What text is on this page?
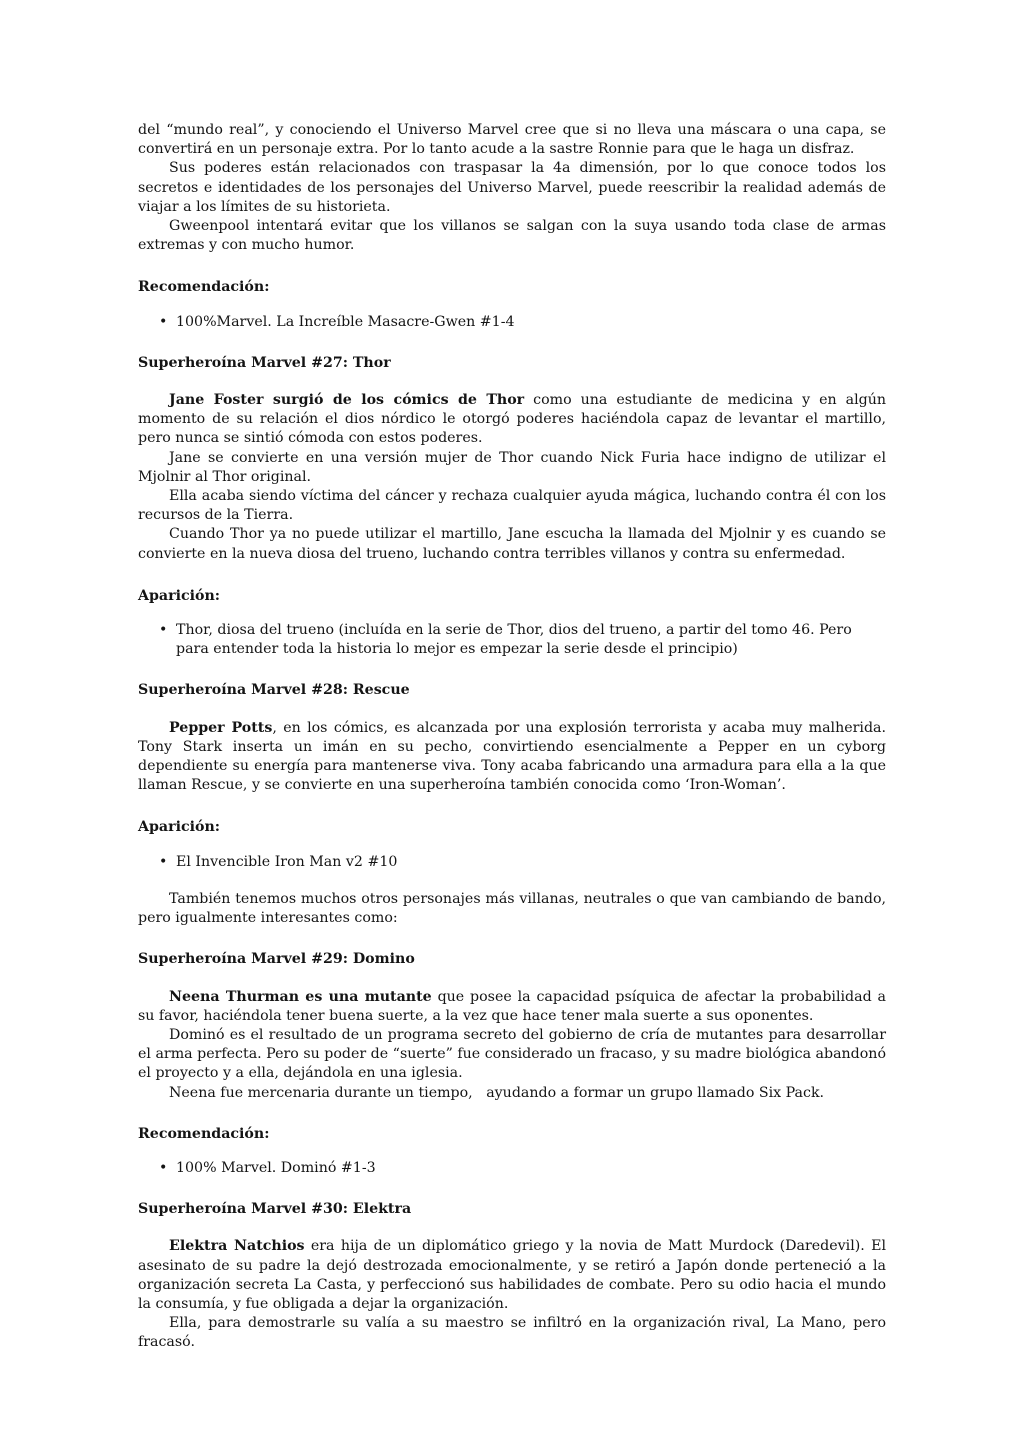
del “mundo real”, y conociendo el Universo Marvel cree que si no lleva una máscara o una capa, se convertirá en un personaje extra. Por lo tanto acude a la sastre Ronnie para que le haga un disfraz.

Sus poderes están relacionados con traspasar la 4a dimensión, por lo que conoce todos los secretos e identidades de los personajes del Universo Marvel, puede reescribir la realidad además de viajar a los límites de su historieta.

Gweenpool intentará evitar que los villanos se salgan con la suya usando toda clase de armas extremas y con mucho humor.

Recomendación:

• 100%Marvel. La Increíble Masacre-Gwen #1-4

Superheroína Marvel #27: Thor

Jane Foster surgió de los cómics de Thor como una estudiante de medicina y en algún momento de su relación el dios nórdico le otorgó poderes haciéndola capaz de levantar el martillo, pero nunca se sintió cómoda con estos poderes.

Jane se convierte en una versión mujer de Thor cuando Nick Furia hace indigno de utilizar el Mjolnir al Thor original.

Ella acaba siendo víctima del cáncer y rechaza cualquier ayuda mágica, luchando contra él con los recursos de la Tierra.

Cuando Thor ya no puede utilizar el martillo, Jane escucha la llamada del Mjolnir y es cuando se convierte en la nueva diosa del trueno, luchando contra terribles villanos y contra su enfermedad.

Aparición:

• Thor, diosa del trueno (incluída en la serie de Thor, dios del trueno, a partir del tomo 46. Pero para entender toda la historia lo mejor es empezar la serie desde el principio)

Superheroína Marvel #28: Rescue

Pepper Potts, en los cómics, es alcanzada por una explosión terrorista y acaba muy malherida. Tony Stark inserta un imán en su pecho, convirtiendo esencialmente a Pepper en un cyborg dependiente su energía para mantenerse viva. Tony acaba fabricando una armadura para ella a la que llaman Rescue, y se convierte en una superheroína también conocida como ‘Iron-Woman’.

Aparición:

• El Invencible Iron Man v2 #10

También tenemos muchos otros personajes más villanas, neutrales o que van cambiando de bando, pero igualmente interesantes como:

Superheroína Marvel #29: Domino

Neena Thurman es una mutante que posee la capacidad psíquica de afectar la probabilidad a su favor, haciéndola tener buena suerte, a la vez que hace tener mala suerte a sus oponentes.

Dominó es el resultado de un programa secreto del gobierno de cría de mutantes para desarrollar el arma perfecta. Pero su poder de “suerte” fue considerado un fracaso, y su madre biológica abandonó el proyecto y a ella, dejándola en una iglesia.

Neena fue mercenaria durante un tiempo,   ayudando a formar un grupo llamado Six Pack.

Recomendación:

• 100% Marvel. Dominó #1-3

Superheroína Marvel #30: Elektra

Elektra Natchios era hija de un diplomático griego y la novia de Matt Murdock (Daredevil). El asesinato de su padre la dejó destrozada emocionalmente, y se retiró a Japón donde perteneció a la organización secreta La Casta, y perfeccionó sus habilidades de combate. Pero su odio hacia el mundo la consumía, y fue obligada a dejar la organización.

Ella, para demostrarle su valía a su maestro se infiltró en la organización rival, La Mano, pero fracasó.
